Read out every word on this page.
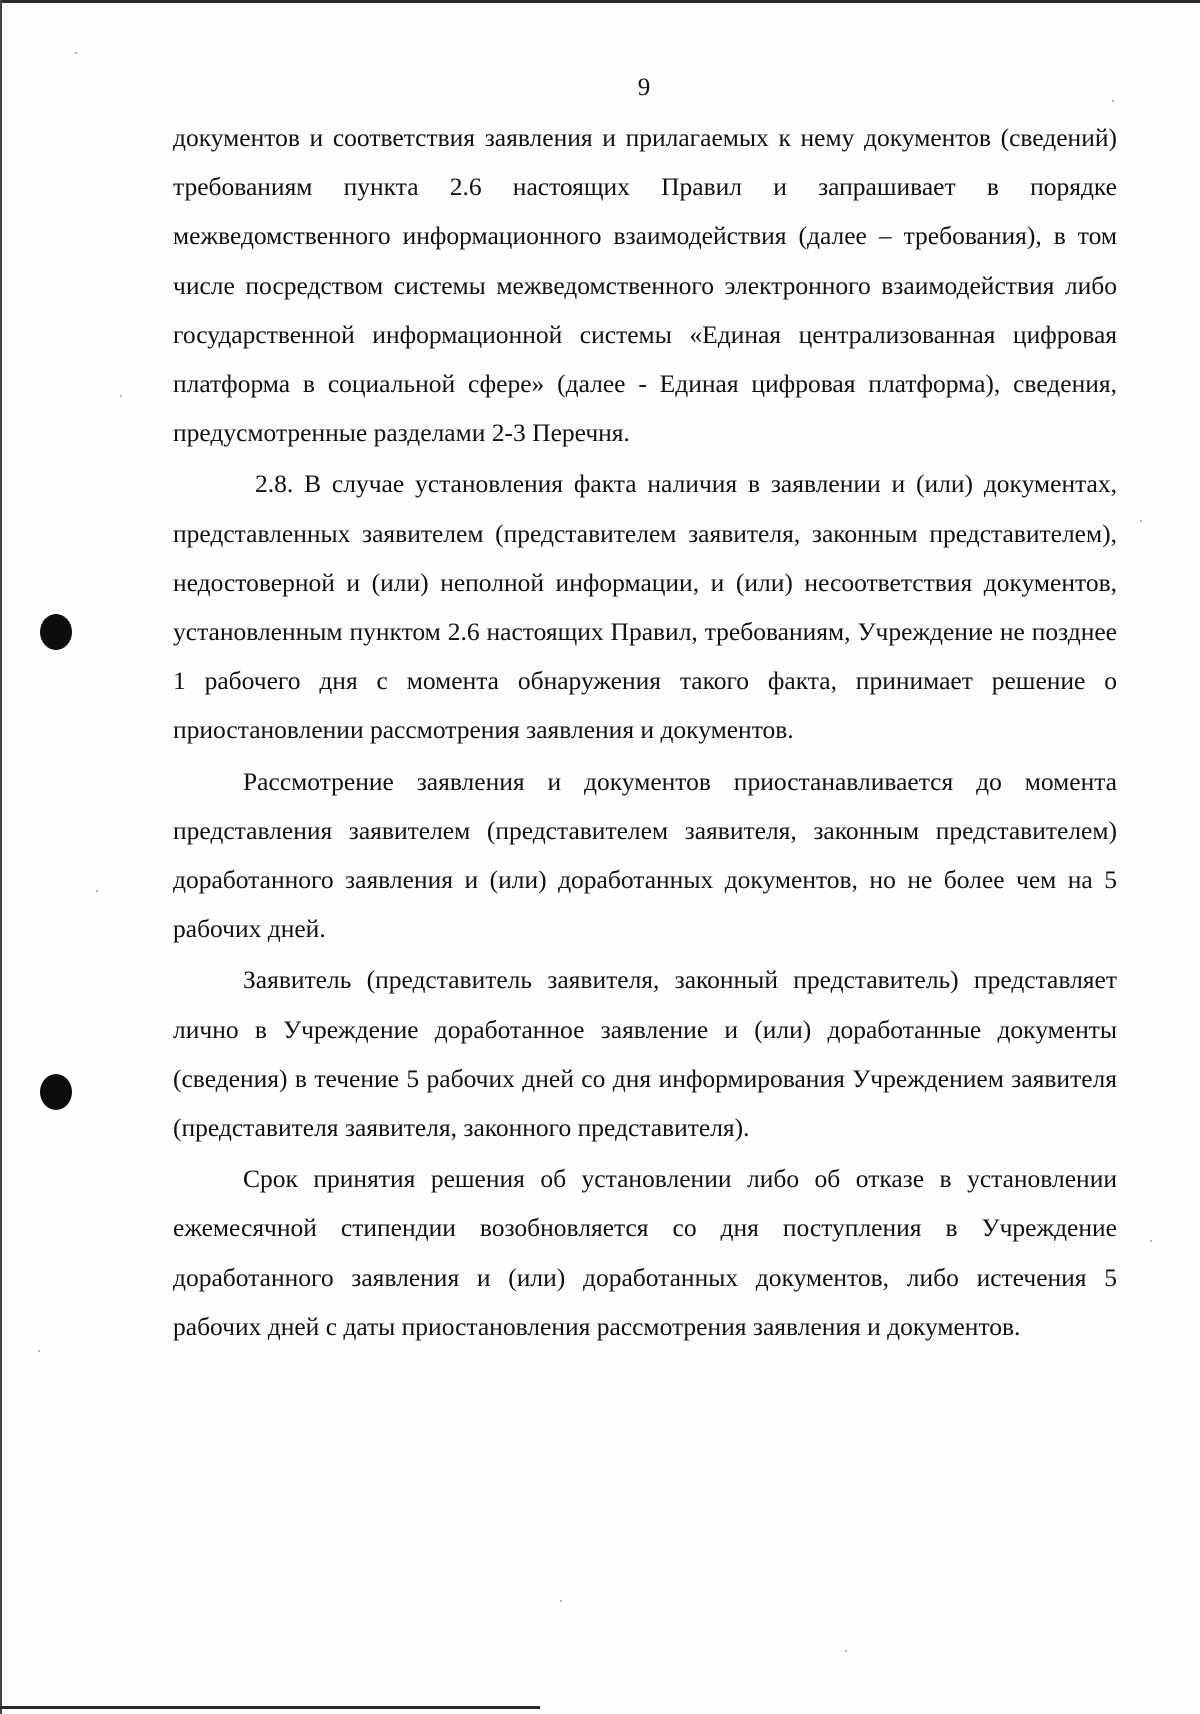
9

документов и соответствия заявления и прилагаемых к нему документов (сведений) требованиям пункта 2.6 настоящих Правил и запрашивает в порядке межведомственного информационного взаимодействия (далее – требования), в том числе посредством системы межведомственного электронного взаимодействия либо государственной информационной системы «Единая централизованная цифровая платформа в социальной сфере» (далее - Единая цифровая платформа), сведения, предусмотренные разделами 2-3 Перечня.

2.8. В случае установления факта наличия в заявлении и (или) документах, представленных заявителем (представителем заявителя, законным представителем), недостоверной и (или) неполной информации, и (или) несоответствия документов, установленным пунктом 2.6 настоящих Правил, требованиям, Учреждение не позднее 1 рабочего дня с момента обнаружения такого факта, принимает решение о приостановлении рассмотрения заявления и документов.

Рассмотрение заявления и документов приостанавливается до момента представления заявителем (представителем заявителя, законным представителем) доработанного заявления и (или) доработанных документов, но не более чем на 5 рабочих дней.

Заявитель (представитель заявителя, законный представитель) представляет лично в Учреждение доработанное заявление и (или) доработанные документы (сведения) в течение 5 рабочих дней со дня информирования Учреждением заявителя (представителя заявителя, законного представителя).

Срок принятия решения об установлении либо об отказе в установлении ежемесячной стипендии возобновляется со дня поступления в Учреждение доработанного заявления и (или) доработанных документов, либо истечения 5 рабочих дней с даты приостановления рассмотрения заявления и документов.
